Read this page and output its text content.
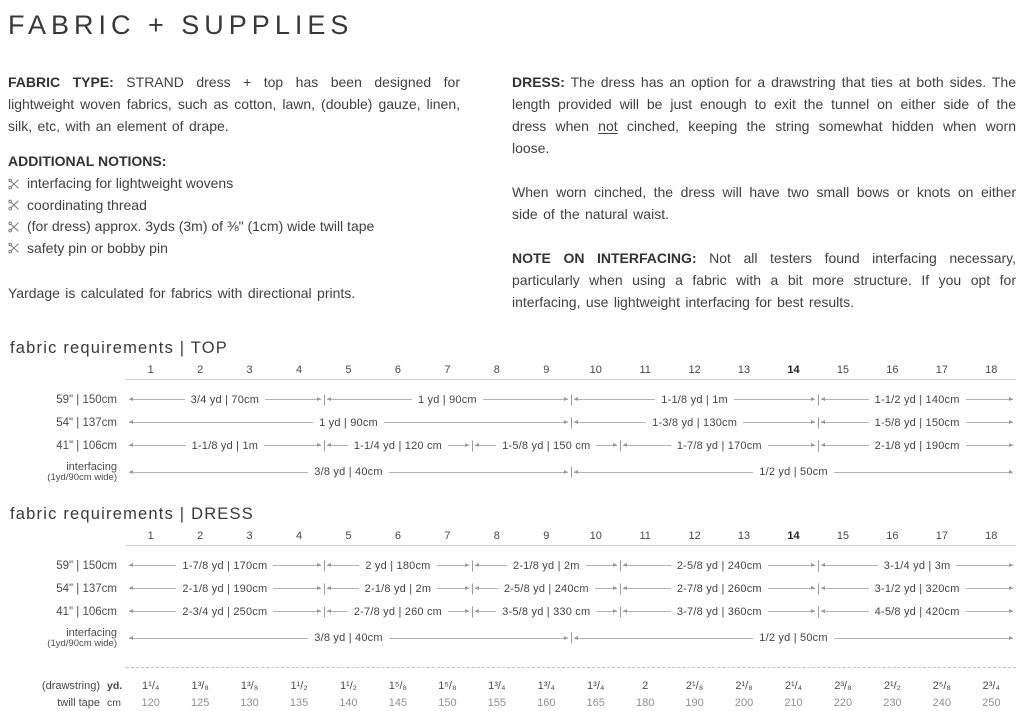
FABRIC + SUPPLIES

FABRIC TYPE: STRAND dress + top has been designed for lightweight woven fabrics, such as cotton, lawn, (double) gauze, linen, silk, etc, with an element of drape.

ADDITIONAL NOTIONS:
interfacing for lightweight wovens
coordinating thread
(for dress) approx. 3yds (3m) of ⅜" (1cm) wide twill tape
safety pin or bobby pin

Yardage is calculated for fabrics with directional prints.

DRESS: The dress has an option for a drawstring that ties at both sides. The length provided will be just enough to exit the tunnel on either side of the dress when not cinched, keeping the string somewhat hidden when worn loose.

When worn cinched, the dress will have two small bows or knots on either side of the natural waist.

NOTE ON INTERFACING: Not all testers found interfacing necessary, particularly when using a fabric with a bit more structure. If you opt for interfacing, use lightweight interfacing for best results.

fabric requirements | TOP
1	2	3	4	5	6	7	8	9	10	11	12	13	14	15	16	17	18
59" | 150cm	3/4 yd | 70cm	1 yd | 90cm	1-1/8 yd | 1m	1-1/2 yd | 140cm
54" | 137cm	1 yd | 90cm	1-3/8 yd | 130cm	1-5/8 yd | 150cm
41" | 106cm	1-1/8 yd | 1m	1-1/4 yd | 120 cm	1-5/8 yd | 150 cm	1-7/8 yd | 170cm	2-1/8 yd | 190cm
interfacing
(1yd/90cm wide)	3/8 yd | 40cm	1/2 yd | 50cm
fabric requirements | DRESS
1	2	3	4	5	6	7	8	9	10	11	12	13	14	15	16	17	18
59" | 150cm	1-7/8 yd | 170cm	2 yd | 180cm	2-1/8 yd | 2m	2-5/8 yd | 240cm	3-1/4 yd | 3m
54" | 137cm	2-1/8 yd | 190cm	2-1/8 yd | 2m	2-5/8 yd | 240cm	2-7/8 yd | 260cm	3-1/2 yd | 320cm
41" | 106cm	2-3/4 yd | 250cm	2-7/8 yd | 260 cm	3-5/8 yd | 330 cm	3-7/8 yd | 360cm	4-5/8 yd | 420cm
interfacing
(1yd/90cm wide)	3/8 yd | 40cm	1/2 yd | 50cm
(drawstring) yd.	1¹/₄	1³/₈	1³/₈	1¹/₂	1¹/₂	1⁵/₈	1⁵/₈	1³/₄	1³/₄	1³/₄	2	2¹/₈	2¹/₈	2¹/₄	2³/₈	2¹/₂	2⁵/₈	2³/₄
twill tape cm	120	125	130	135	140	145	150	155	160	165	180	190	200	210	220	230	240	250
